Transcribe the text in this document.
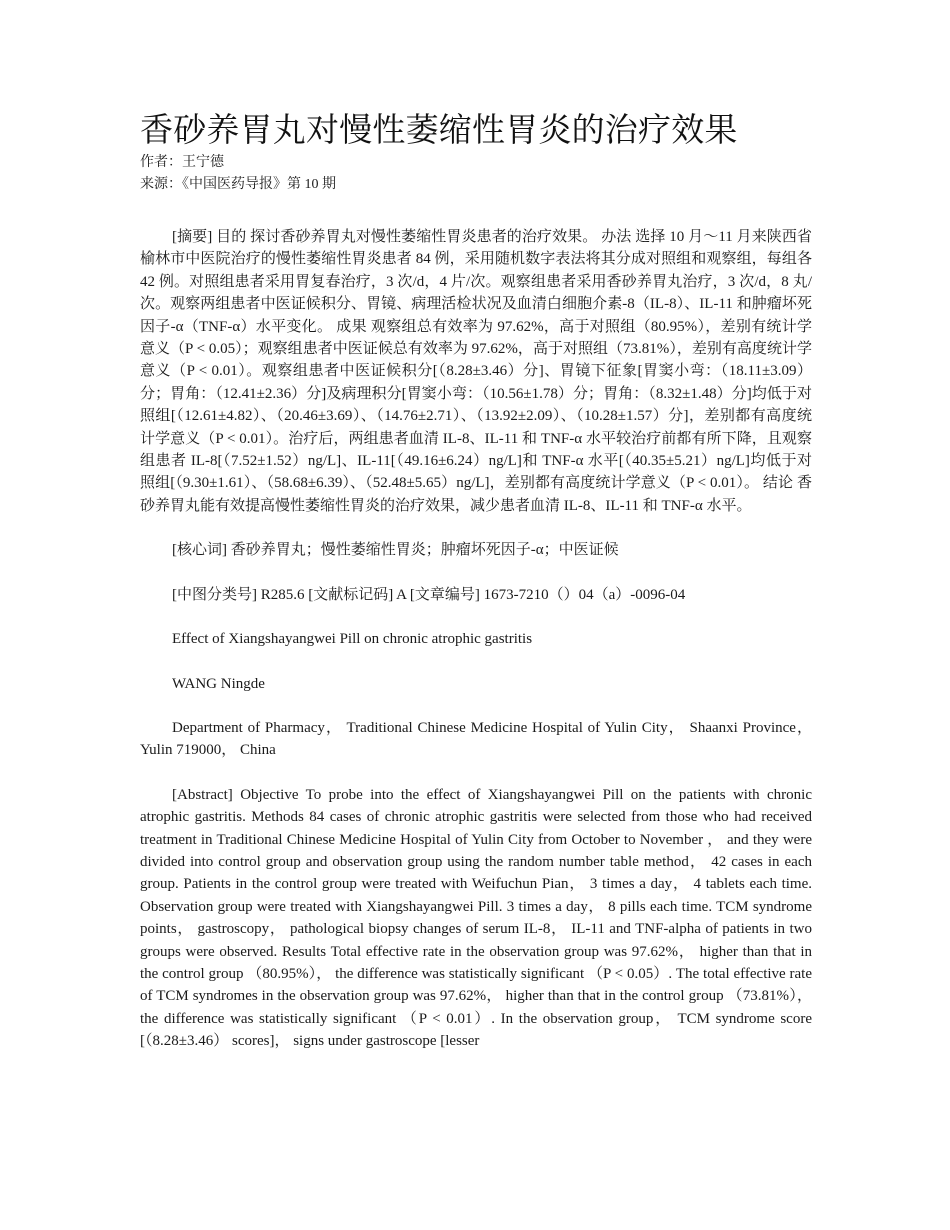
香砂养胃丸对慢性萎缩性胃炎的治疗效果

作者：王宁德

来源：《中国医药导报》第 10 期

[摘要] 目的 探讨香砂养胃丸对慢性萎缩性胃炎患者的治疗效果。 办法 选择 10 月～11 月来陕西省榆林市中医院治疗的慢性萎缩性胃炎患者 84 例，采用随机数字表法将其分成对照组和观察组，每组各 42 例。对照组患者采用胃复春治疗，3 次/d，4 片/次。观察组患者采用香砂养胃丸治疗，3 次/d，8 丸/次。观察两组患者中医证候积分、胃镜、病理活检状况及血清白细胞介素-8（IL-8）、IL-11 和肿瘤坏死因子-α（TNF-α）水平变化。 成果 观察组总有效率为 97.62%，高于对照组（80.95%），差别有统计学意义（P < 0.05）；观察组患者中医证候总有效率为 97.62%，高于对照组（73.81%），差别有高度统计学意义（P < 0.01）。观察组患者中医证候积分[（8.28±3.46）分]、胃镜下征象[胃窦小弯：（18.11±3.09）分；胃角：（12.41±2.36）分]及病理积分[胃窦小弯：（10.56±1.78）分；胃角：（8.32±1.48）分]均低于对照组[（12.61±4.82）、（20.46±3.69）、（14.76±2.71）、（13.92±2.09）、（10.28±1.57）分]，差别都有高度统计学意义（P < 0.01）。治疗后，两组患者血清 IL-8、IL-11 和 TNF-α 水平较治疗前都有所下降，且观察组患者 IL-8[（7.52±1.52）ng/L]、IL-11[（49.16±6.24）ng/L]和 TNF-α 水平[（40.35±5.21）ng/L]均低于对照组[（9.30±1.61）、（58.68±6.39）、（52.48±5.65）ng/L]，差别都有高度统计学意义（P < 0.01）。 结论 香砂养胃丸能有效提高慢性萎缩性胃炎的治疗效果，减少患者血清 IL-8、IL-11 和 TNF-α 水平。

[核心词] 香砂养胃丸；慢性萎缩性胃炎；肿瘤坏死因子-α；中医证候

[中图分类号] R285.6 [文献标记码] A [文章编号] 1673-7210（）04（a）-0096-04

Effect of Xiangshayangwei Pill on chronic atrophic gastritis

WANG Ningde

Department of Pharmacy， Traditional Chinese Medicine Hospital of Yulin City， Shaanxi Province， Yulin 719000， China

[Abstract] Objective To probe into the effect of Xiangshayangwei Pill on the patients with chronic atrophic gastritis. Methods 84 cases of chronic atrophic gastritis were selected from those who had received treatment in Traditional Chinese Medicine Hospital of Yulin City from October to November ， and they were divided into control group and observation group using the random number table method， 42 cases in each group. Patients in the control group were treated with Weifuchun Pian， 3 times a day， 4 tablets each time. Observation group were treated with Xiangshayangwei Pill. 3 times a day， 8 pills each time. TCM syndrome points， gastroscopy， pathological biopsy changes of serum IL-8， IL-11 and TNF-alpha of patients in two groups were observed. Results Total effective rate in the observation group was 97.62%， higher than that in the control group （80.95%）， the difference was statistically significant （P < 0.05）. The total effective rate of TCM syndromes in the observation group was 97.62%， higher than that in the control group （73.81%）， the difference was statistically significant （P < 0.01）. In the observation group， TCM syndrome score [（8.28±3.46） scores]， signs under gastroscope [lesser
